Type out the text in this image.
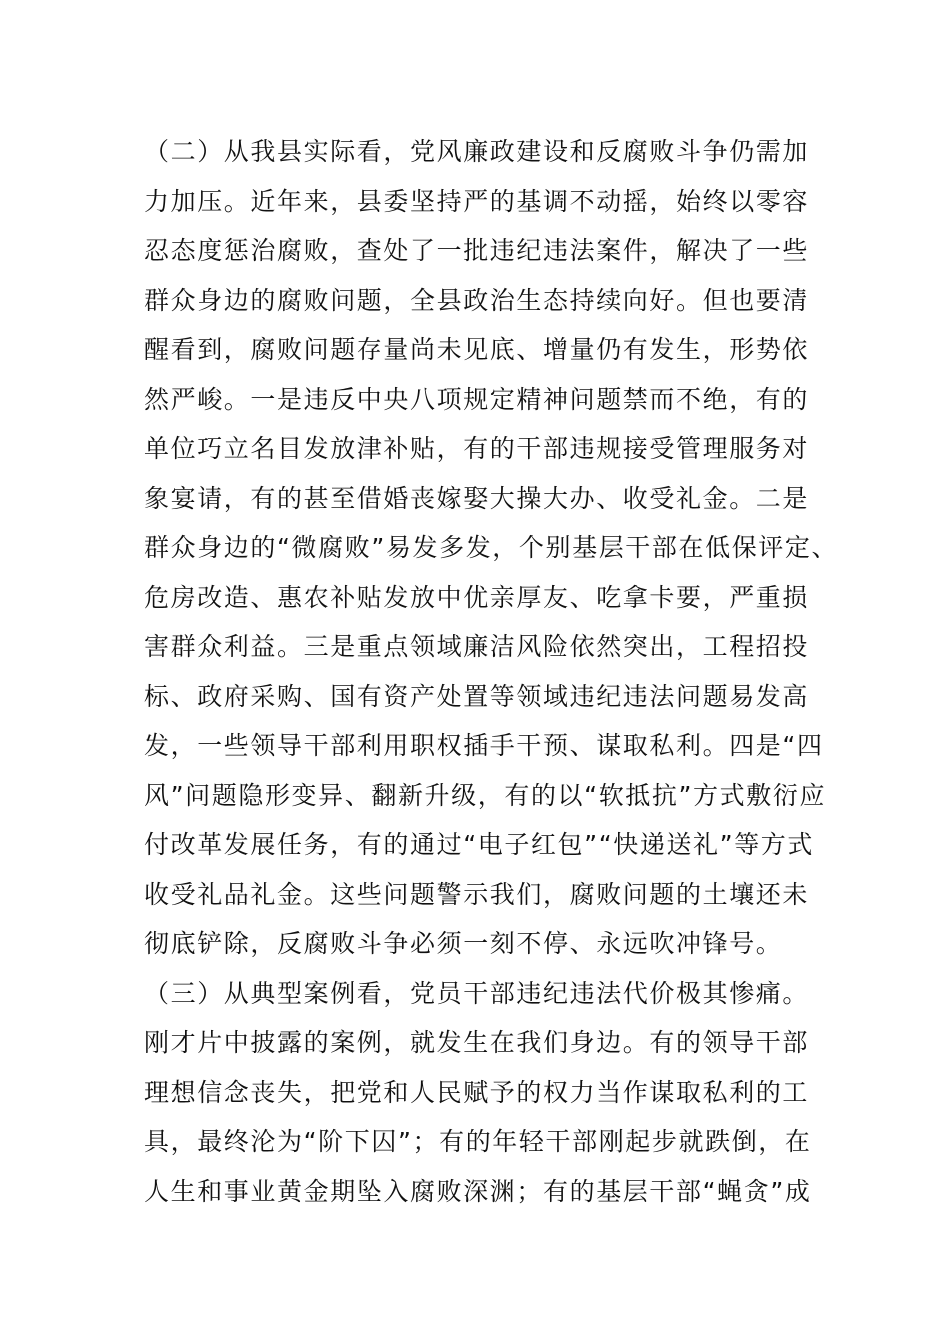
（二）从我县实际看，党风廉政建设和反腐败斗争仍需加
力加压。近年来，县委坚持严的基调不动摇，始终以零容
忍态度惩治腐败，查处了一批违纪违法案件，解决了一些
群众身边的腐败问题，全县政治生态持续向好。但也要清
醒看到，腐败问题存量尚未见底、增量仍有发生，形势依
然严峻。一是违反中央八项规定精神问题禁而不绝，有的
单位巧立名目发放津补贴，有的干部违规接受管理服务对
象宴请，有的甚至借婚丧嫁娶大操大办、收受礼金。二是
群众身边的“微腐败”易发多发，个别基层干部在低保评定、
危房改造、惠农补贴发放中优亲厚友、吃拿卡要，严重损
害群众利益。三是重点领域廉洁风险依然突出，工程招投
标、政府采购、国有资产处置等领域违纪违法问题易发高
发，一些领导干部利用职权插手干预、谋取私利。四是“四
风”问题隐形变异、翻新升级，有的以“软抵抗”方式敷衍应
付改革发展任务，有的通过“电子红包”“快递送礼”等方式
收受礼品礼金。这些问题警示我们，腐败问题的土壤还未
彻底铲除，反腐败斗争必须一刻不停、永远吹冲锋号。
（三）从典型案例看，党员干部违纪违法代价极其惨痛。
刚才片中披露的案例，就发生在我们身边。有的领导干部
理想信念丧失，把党和人民赋予的权力当作谋取私利的工
具，最终沦为“阶下囚”；有的年轻干部刚起步就跌倒，在
人生和事业黄金期坠入腐败深渊；有的基层干部“蝇贪”成
